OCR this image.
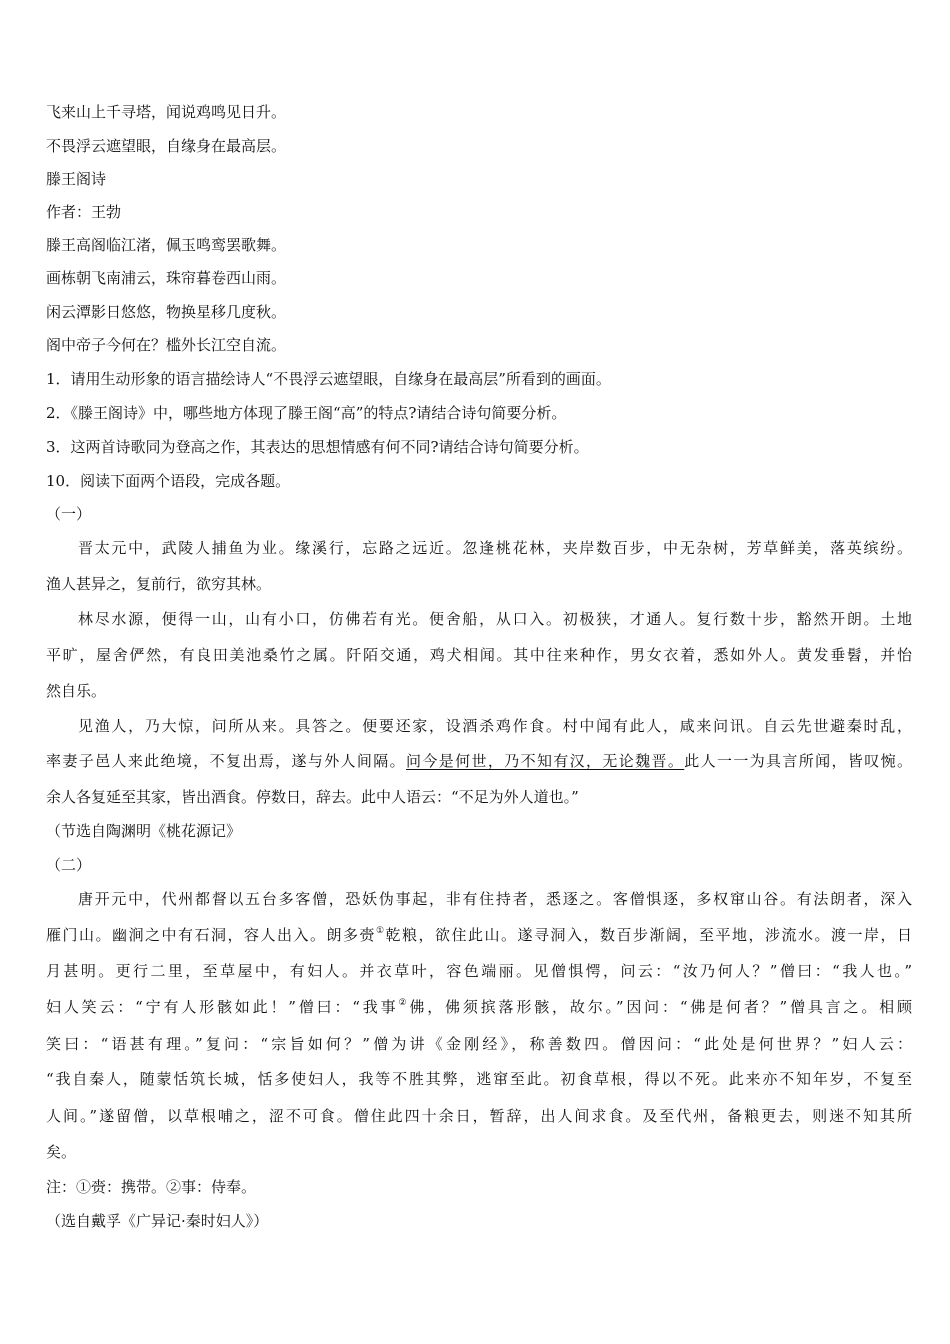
飞来山上千寻塔，闻说鸡鸣见日升。
不畏浮云遮望眼，自缘身在最高层。
滕王阁诗
作者：王勃
滕王高阁临江渚，佩玉鸣鸾罢歌舞。
画栋朝飞南浦云，珠帘暮卷西山雨。
闲云潭影日悠悠，物换星移几度秋。
阁中帝子今何在？槛外长江空自流。
1．请用生动形象的语言描绘诗人“不畏浮云遮望眼，自缘身在最高层”所看到的画面。
2．《滕王阁诗》中，哪些地方体现了滕王阁“高”的特点?请结合诗句简要分析。
3．这两首诗歌同为登高之作，其表达的思想情感有何不同?请结合诗句简要分析。
10．阅读下面两个语段，完成各题。
（一）
晋太元中，武陵人捕鱼为业。缘溪行，忘路之远近。忽逢桃花林，夹岸数百步，中无杂树，芳草鲜美，落英缤纷。
渔人甚异之，复前行，欲穷其林。
林尽水源，便得一山，山有小口，仿佛若有光。便舍船，从口入。初极狭，才通人。复行数十步，豁然开朗。土地
平旷，屋舍俨然，有良田美池桑竹之属。阡陌交通，鸡犬相闻。其中往来种作，男女衣着，悉如外人。黄发垂髫，并怡
然自乐。
见渔人，乃大惊，问所从来。具答之。便要还家，设酒杀鸡作食。村中闻有此人，咸来问讯。自云先世避秦时乱，
率妻子邑人来此绝境，不复出焉，遂与外人间隔。问今是何世，乃不知有汉，无论魏晋。此人一一为具言所闻，皆叹惋。
余人各复延至其家，皆出酒食。停数日，辞去。此中人语云：“不足为外人道也。”
（节选自陶渊明《桃花源记》
（二）
唐开元中，代州都督以五台多客僧，恐妖伪事起，非有住持者，悉逐之。客僧惧逐，多权窜山谷。有法朗者，深入
雁门山。幽涧之中有石洞，容人出入。朗多赍①乾粮，欲住此山。遂寻洞入，数百步渐阔，至平地，涉流水。渡一岸，日
月甚明。更行二里，至草屋中，有妇人。并衣草叶，容色端丽。见僧惧愕，问云：“汝乃何人？”僧曰：“我人也。”
妇人笑云：“宁有人形骸如此！”僧曰：“我事②佛，佛须摈落形骸，故尔。”因问：“佛是何者？”僧具言之。相顾
笑曰：“语甚有理。”复问：“宗旨如何？”僧为讲《金刚经》，称善数四。僧因问：“此处是何世界？”妇人云：
“我自秦人，随蒙恬筑长城，恬多使妇人，我等不胜其弊，逃窜至此。初食草根，得以不死。此来亦不知年岁，不复至
人间。”遂留僧，以草根哺之，涩不可食。僧住此四十余日，暂辞，出人间求食。及至代州，备粮更去，则迷不知其所
矣。
注：①赍：携带。②事：侍奉。
（选自戴孚《广异记·秦时妇人》）
